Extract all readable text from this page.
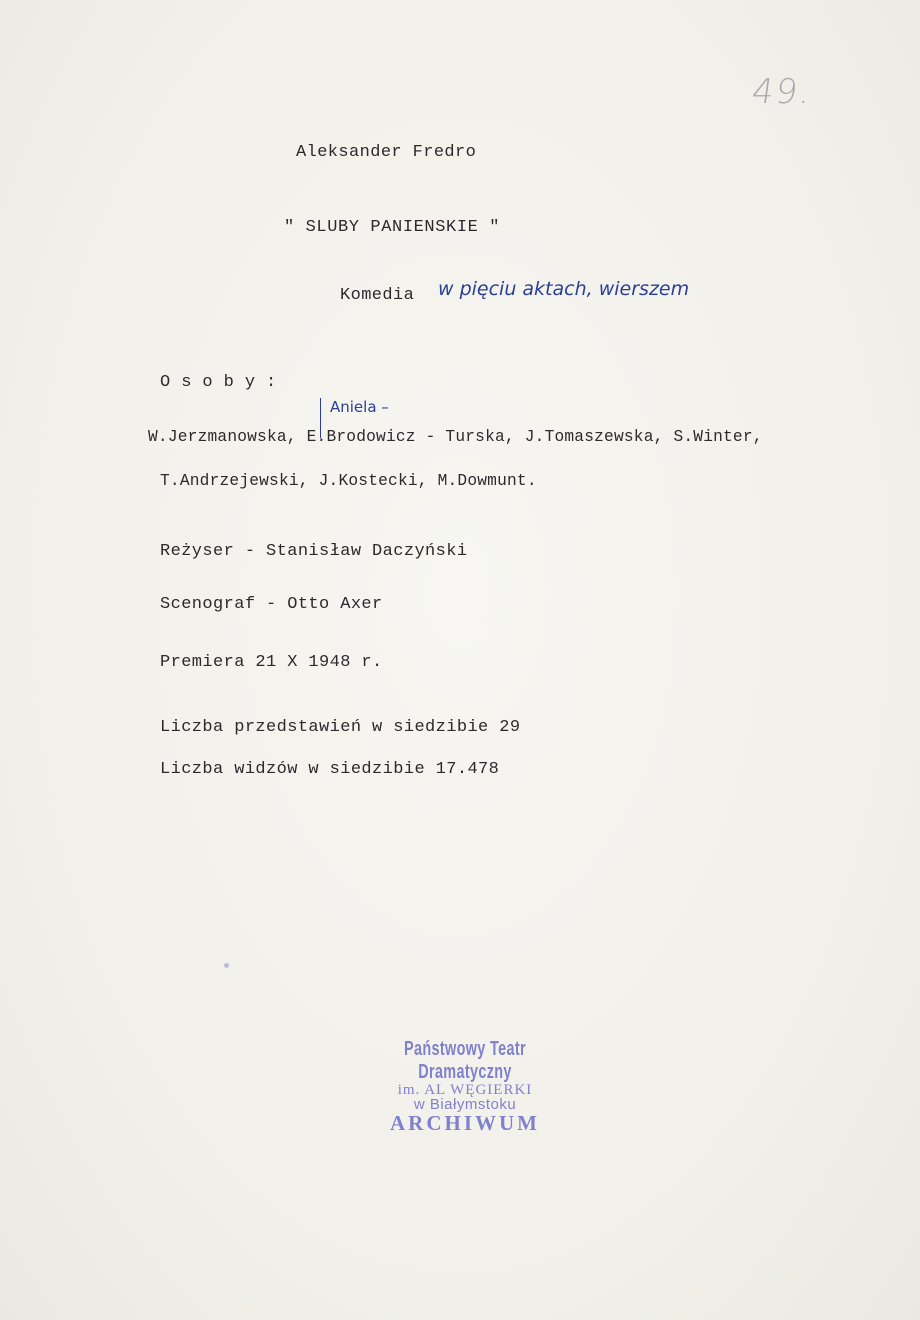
49.
Aleksander Fredro
" SLUBY PANIENSKIE "
Komedia w pięciu aktach, wierszem
O s o b y :
Aniela –
W.Jerzmanowska, E.Brodowicz - Turska, J.Tomaszewska, S.Winter,
T.Andrzejewski, J.Kostecki, M.Dowmunt.
Reżyser - Stanisław Daczyński
Scenograf - Otto Axer
Premiera 21 X 1948 r.
Liczba przedstawień w siedzibie 29
Liczba widzów w siedzibie 17.478
Państwowy Teatr Dramatyczny
im. AL WĘGIERKI
w Białymstoku
ARCHIWUM
